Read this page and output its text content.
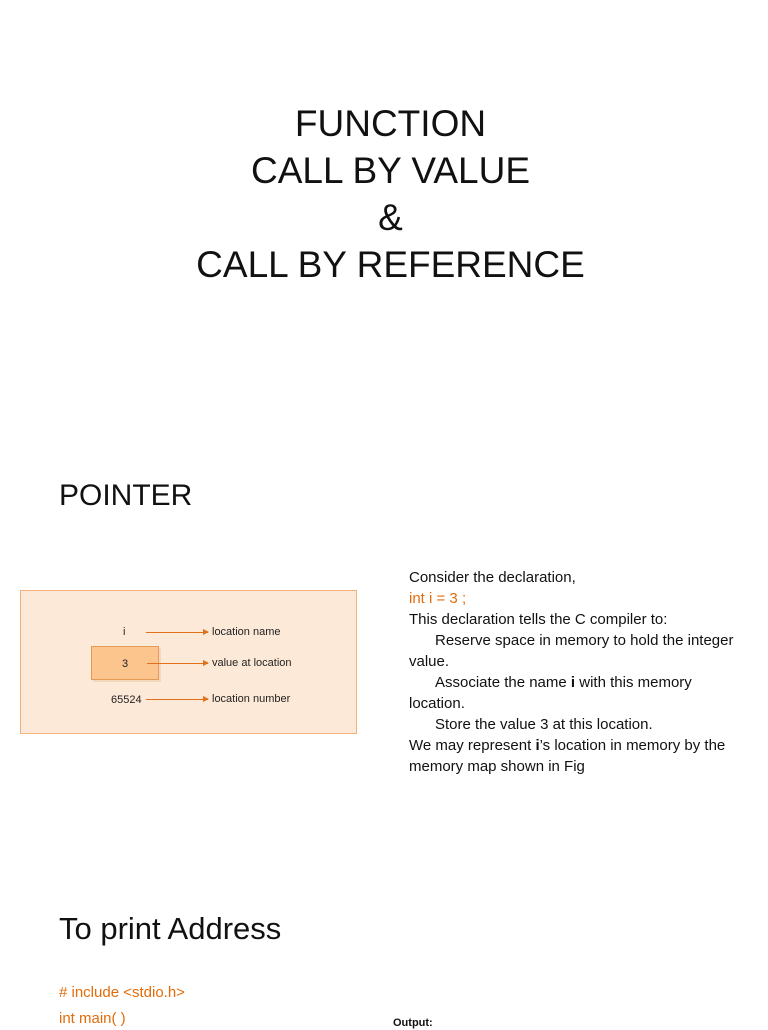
FUNCTION
CALL BY VALUE
&
CALL BY REFERENCE
POINTER
i	location name
3	value at location
65524	location number
Consider the declaration,
int i = 3 ;
This declaration tells the C compiler to:
Reserve space in memory to hold the integer value.
Associate the name i with this memory location.
Store the value 3 at this location.
We may represent i’s location in memory by the memory map shown in Fig
To print Address
# include <stdio.h>
int main( )	Output:
